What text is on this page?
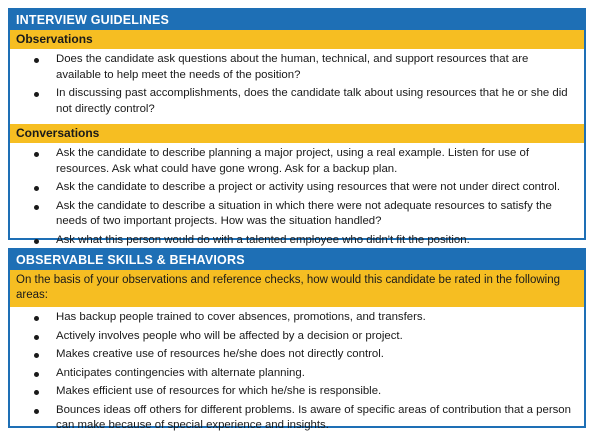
INTERVIEW GUIDELINES
Observations
Does the candidate ask questions about the human, technical, and support resources that are available to help meet the needs of the position?
In discussing past accomplishments, does the candidate talk about using resources that he or she did not directly control?
Conversations
Ask the candidate to describe planning a major project, using a real example. Listen for use of resources. Ask what could have gone wrong. Ask for a backup plan.
Ask the candidate to describe a project or activity using resources that were not under direct control.
Ask the candidate to describe a situation in which there were not adequate resources to satisfy the needs of two important projects. How was the situation handled?
Ask what this person would do with a talented employee who didn't fit the position.
OBSERVABLE SKILLS & BEHAVIORS
On the basis of your observations and reference checks, how would this candidate be rated in the following areas:
Has backup people trained to cover absences, promotions, and transfers.
Actively involves people who will be affected by a decision or project.
Makes creative use of resources he/she does not directly control.
Anticipates contingencies with alternate planning.
Makes efficient use of resources for which he/she is responsible.
Bounces ideas off others for different problems. Is aware of specific areas of contribution that a person can make because of special experience and insights.
